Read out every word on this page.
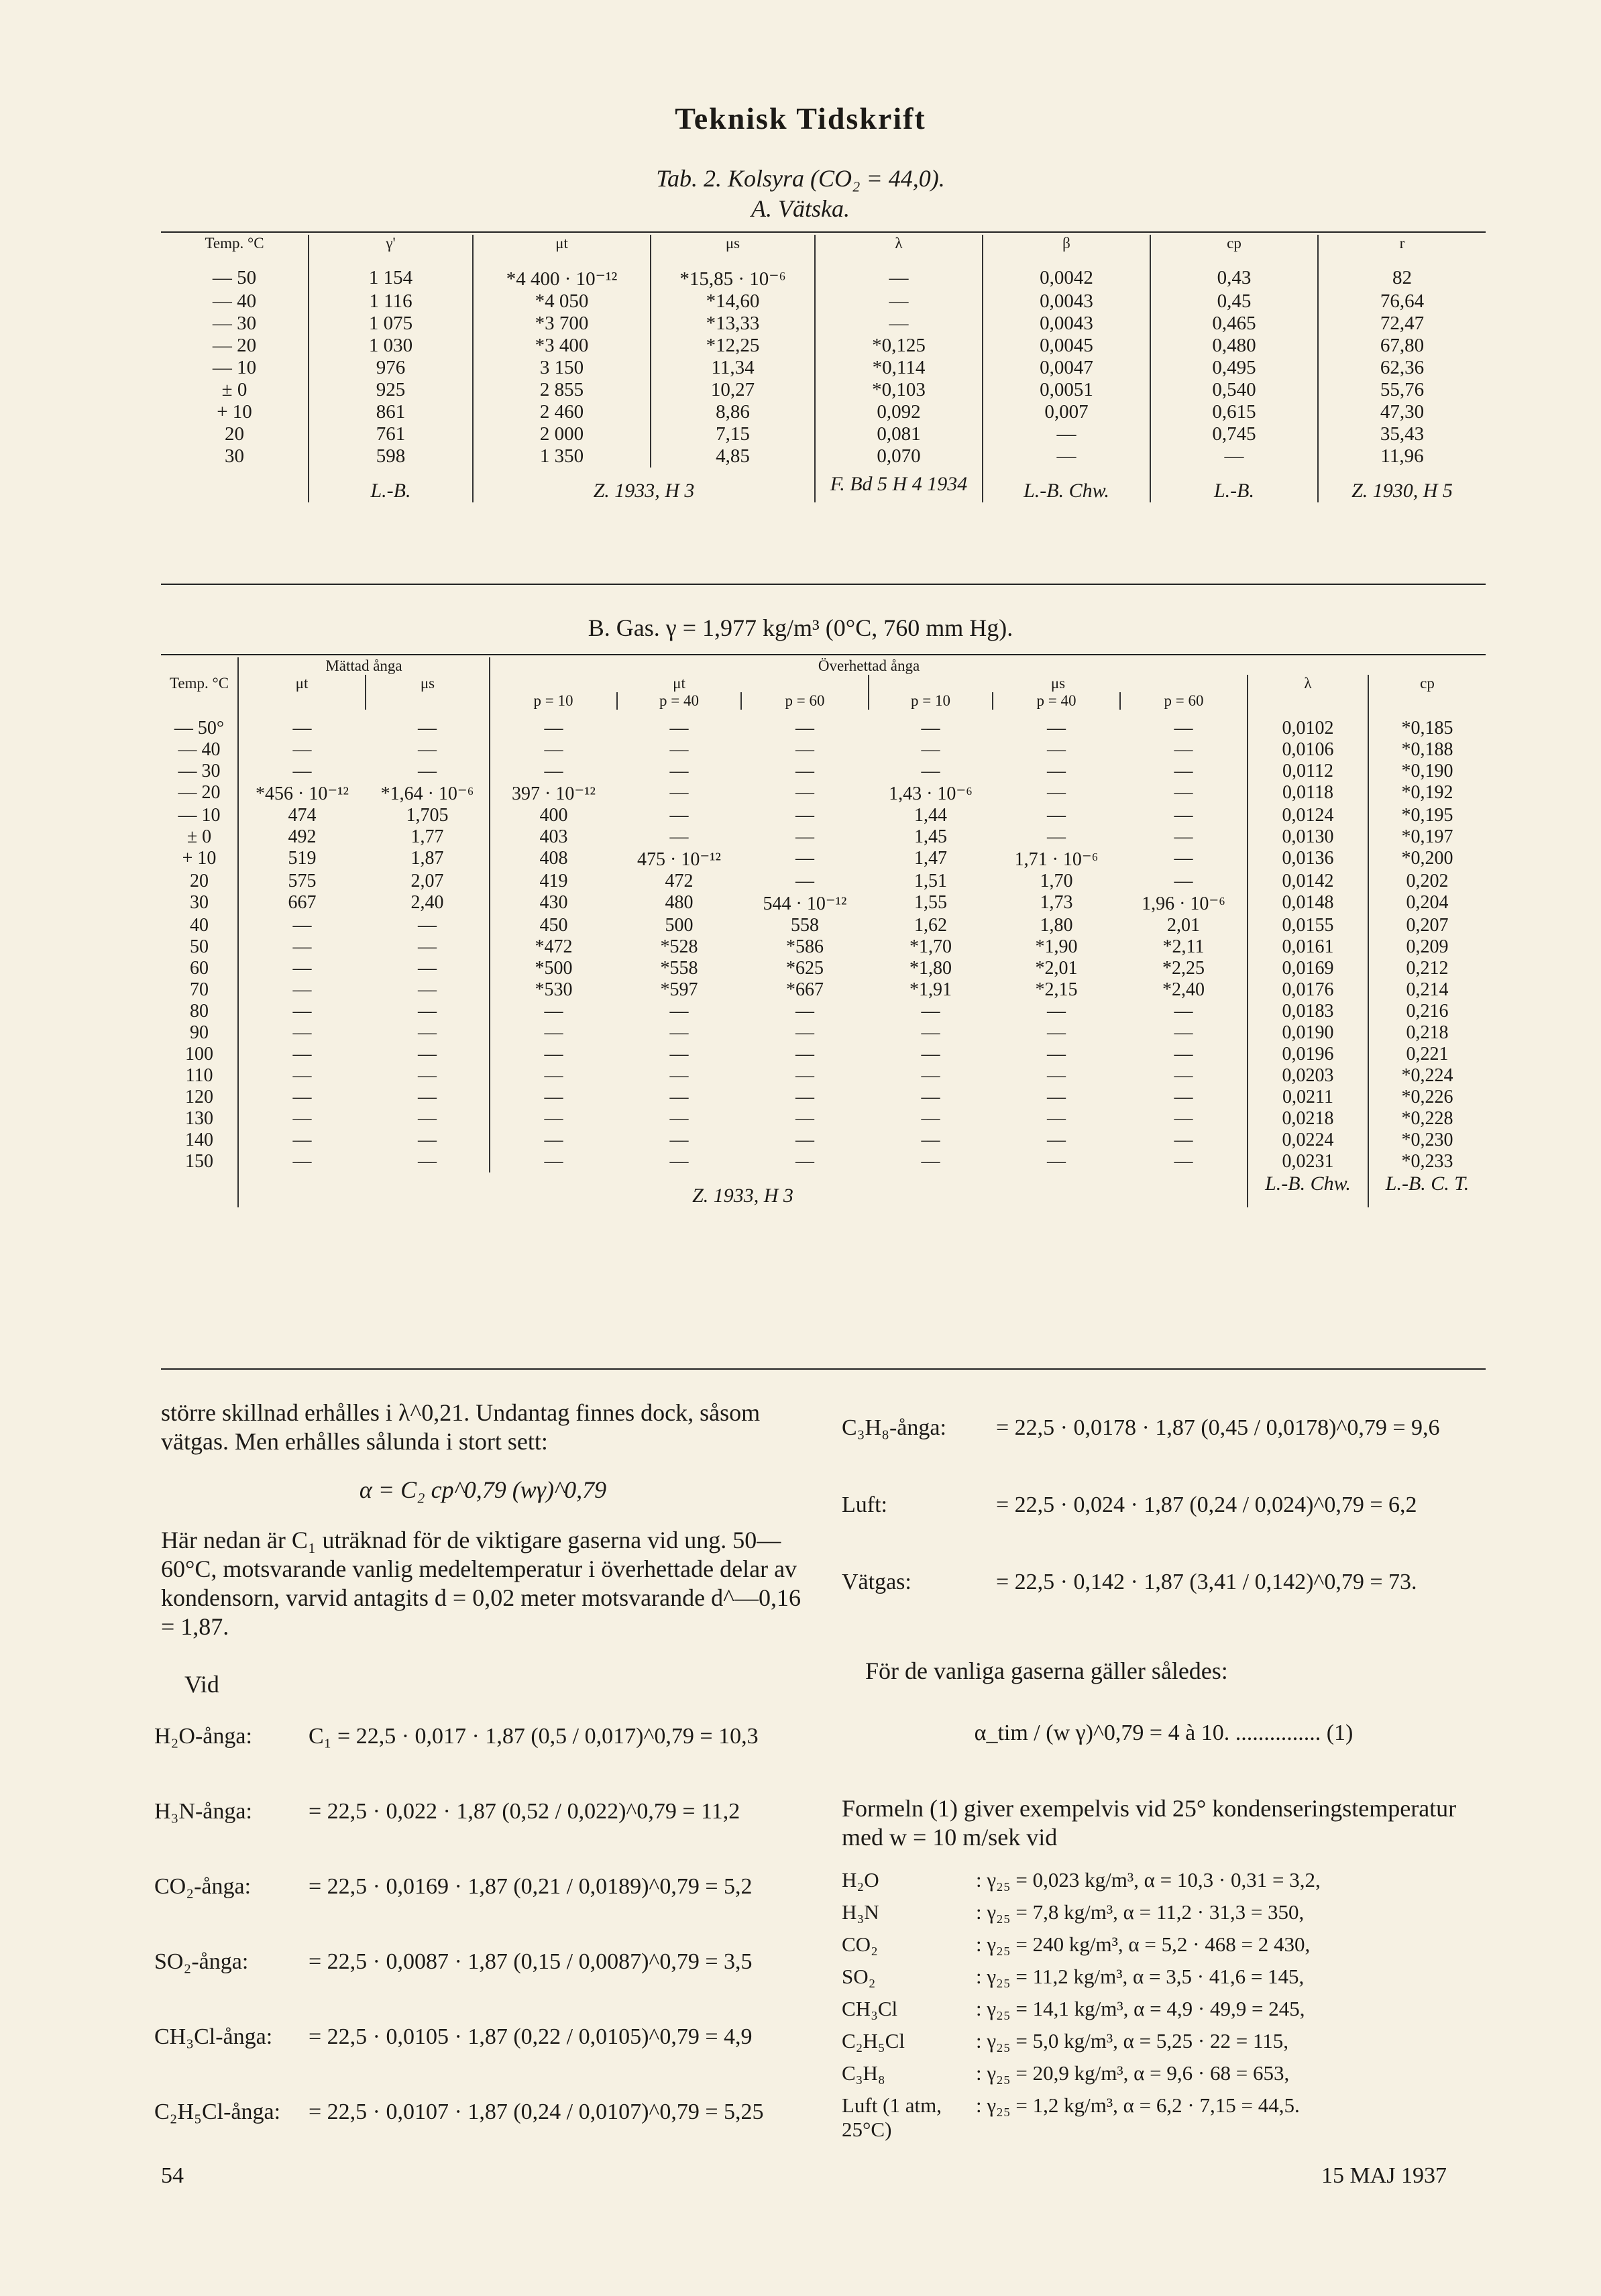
Teknisk Tidskrift
Tab. 2. Kolsyra (CO₂ = 44,0).
A. Vätska.
Temp. °C	γ'	μt	μs	λ	β	cp	r
— 50	1 154	*4 400 · 10⁻¹²	*15,85 · 10⁻⁶	—	0,0042	0,43	82
— 40	1 116	*4 050	*14,60	—	0,0043	0,45	76,64
— 30	1 075	*3 700	*13,33	—	0,0043	0,465	72,47
— 20	1 030	*3 400	*12,25	*0,125	0,0045	0,480	67,80
— 10	976	3 150	11,34	*0,114	0,0047	0,495	62,36
± 0	925	2 855	10,27	*0,103	0,0051	0,540	55,76
+ 10	861	2 460	8,86	0,092	0,007	0,615	47,30
20	761	2 000	7,15	0,081	—	0,745	35,43
30	598	1 350	4,85	0,070	—	—	11,96
	L.-B.	Z. 1933, H 3		F. Bd 5 H 4 1934	L.-B. Chw.	L.-B.	Z. 1930, H 5
B. Gas. γ = 1,977 kg/m³ (0°C, 760 mm Hg).
	Mättad ånga		Överhettad ånga							
Temp. °C	μt	μs	μt			μs			λ	cp
			p = 10	p = 40	p = 60	p = 10	p = 40	p = 60		
— 50°	—	—	—	—	—	—	—	—	0,0102	*0,185
— 40	—	—	—	—	—	—	—	—	0,0106	*0,188
— 30	—	—	—	—	—	—	—	—	0,0112	*0,190
— 20	*456 · 10⁻¹²	*1,64 · 10⁻⁶	397 · 10⁻¹²	—	—	1,43 · 10⁻⁶	—	—	0,0118	*0,192
— 10	474	1,705	400	—	—	1,44	—	—	0,0124	*0,195
± 0	492	1,77	403	—	—	1,45	—	—	0,0130	*0,197
+ 10	519	1,87	408	475 · 10⁻¹²	—	1,47	1,71 · 10⁻⁶	—	0,0136	*0,200
20	575	2,07	419	472	—	1,51	1,70	—	0,0142	0,202
30	667	2,40	430	480	544 · 10⁻¹²	1,55	1,73	1,96 · 10⁻⁶	0,0148	0,204
40	—	—	450	500	558	1,62	1,80	2,01	0,0155	0,207
50	—	—	*472	*528	*586	*1,70	*1,90	*2,11	0,0161	0,209
60	—	—	*500	*558	*625	*1,80	*2,01	*2,25	0,0169	0,212
70	—	—	*530	*597	*667	*1,91	*2,15	*2,40	0,0176	0,214
80	—	—	—	—	—	—	—	—	0,0183	0,216
90	—	—	—	—	—	—	—	—	0,0190	0,218
100	—	—	—	—	—	—	—	—	0,0196	0,221
110	—	—	—	—	—	—	—	—	0,0203	*0,224
120	—	—	—	—	—	—	—	—	0,0211	*0,226
130	—	—	—	—	—	—	—	—	0,0218	*0,228
140	—	—	—	—	—	—	—	—	0,0224	*0,230
150	—	—	—	—	—	—	—	—	0,0231	*0,233
	Z. 1933, H 3								L.-B. Chw.	L.-B. C. T.
större skillnad erhålles i λ^0,21. Undantag finnes dock, såsom vätgas. Men erhålles sålunda i stort sett:
α = C₂ cp^0,79 (wγ)^0,79
Här nedan är C₁ uträknad för de viktigare gaserna vid ung. 50—60°C, motsvarande vanlig medeltemperatur i överhettade delar av kondensorn, varvid antagits d = 0,02 meter motsvarande d^—0,16 = 1,87.
Vid
H₂O-ånga: C₁ = 22,5 · 0,017 · 1,87 (0,5 / 0,017)^0,79 = 10,3
H₃N-ånga: = 22,5 · 0,022 · 1,87 (0,52 / 0,022)^0,79 = 11,2
CO₂-ånga:	= 22,5 · 0,0169 · 1,87 (0,21 / 0,0189)^0,79 = 5,2
SO₂-ånga:	= 22,5 · 0,0087 · 1,87 (0,15 / 0,0087)^0,79 = 3,5
CH₃Cl-ånga: = 22,5 · 0,0105 · 1,87 (0,22 / 0,0105)^0,79 = 4,9
C₂H₅Cl-ånga: = 22,5 · 0,0107 · 1,87 (0,24 / 0,0107)^0,79 = 5,25
C₃H₈-ånga: = 22,5 · 0,0178 · 1,87 (0,45 / 0,0178)^0,79 = 9,6
Luft:	= 22,5 · 0,024 · 1,87 (0,24 / 0,024)^0,79 = 6,2
Vätgas:	= 22,5 · 0,142 · 1,87 (3,41 / 0,142)^0,79 = 73.
För de vanliga gaserna gäller således:
α_tim / (w γ)^0,79 = 4 à 10. ............... (1)
Formeln (1) giver exempelvis vid 25° kondenseringstemperatur med w = 10 m/sek vid
H₂O	: γ₂₅ = 0,023 kg/m³, α = 10,3 · 0,31 = 3,2,
H₃N	: γ₂₅ = 7,8 kg/m³, α = 11,2 · 31,3 = 350,
CO₂	: γ₂₅ = 240 kg/m³, α = 5,2 · 468 = 2 430,
SO₂	: γ₂₅ = 11,2 kg/m³, α = 3,5 · 41,6 = 145,
CH₃Cl	: γ₂₅ = 14,1 kg/m³, α = 4,9 · 49,9 = 245,
C₂H₅Cl	: γ₂₅ = 5,0 kg/m³, α = 5,25 · 22 = 115,
C₃H₈	: γ₂₅ = 20,9 kg/m³, α = 9,6 · 68 = 653,
Luft (1 atm, 25°C): γ₂₅ = 1,2 kg/m³, α = 6,2 · 7,15 = 44,5.
54	15 MAJ 1937
